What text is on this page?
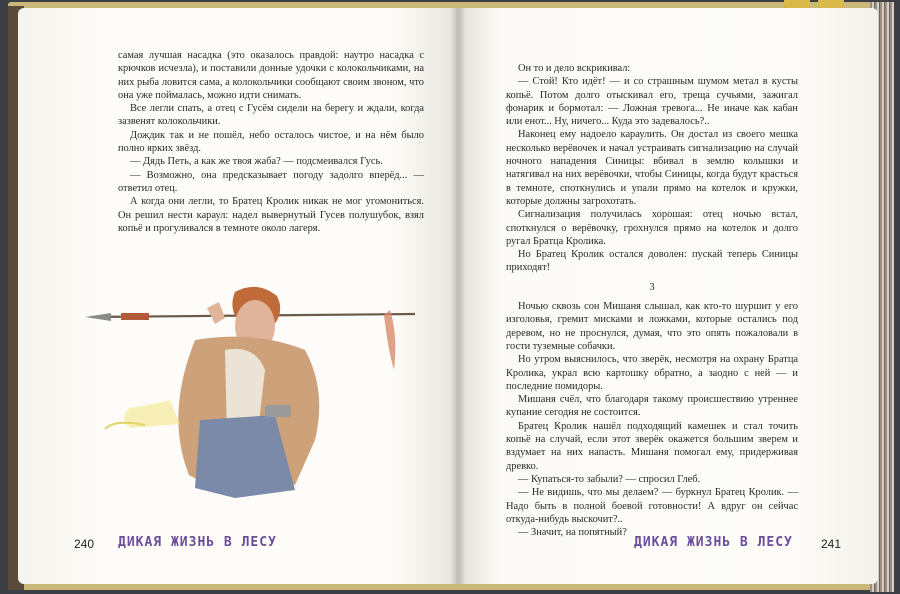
самая лучшая насадка (это оказалось правдой: наутро насадка с крючков исчезла), и поставили донные удочки с колокольчиками, на них рыба ловится сама, а колокольчики сообщают своим звоном, что она уже поймалась, можно идти снимать.

Все легли спать, а отец с Гусём сидели на берегу и ждали, когда зазвенят колокольчики.

Дождик так и не пошёл, небо осталось чистое, и на нём было полно ярких звёзд.

— Дядь Петь, а как же твоя жаба? — подсмеивался Гусь.

— Возможно, она предсказывает погоду задолго вперёд... — ответил отец.

А когда они легли, то Братец Кролик никак не мог угомониться. Он решил нести караул: надел вывернутый Гусев полушубок, взял копьё и прогуливался в темноте около лагеря.

240 ДИКАЯ ЖИЗНЬ В ЛЕСУ

Он то и дело вскрикивал:

— Стой! Кто идёт! — и со страшным шумом метал в кусты копьё. Потом долго отыскивал его, треща сучьями, зажигал фонарик и бормотал: — Ложная тревога... Не иначе как кабан или енот... Ну, ничего... Куда это задевалось?..

Наконец ему надоело караулить. Он достал из своего мешка несколько верёвочек и начал устраивать сигнализацию на случай ночного нападения Синицы: вбивал в землю колышки и натягивал на них верёвочки, чтобы Синицы, когда будут красться в темноте, споткнулись и упали прямо на котелок и кружки, которые должны загрохотать.

Сигнализация получилась хорошая: отец ночью встал, споткнулся о верёвочку, грохнулся прямо на котелок и долго ругал Братца Кролика.

Но Братец Кролик остался доволен: пускай теперь Синицы приходят!

3

Ночью сквозь сон Мишаня слышал, как кто-то шуршит у его изголовья, гремит мисками и ложками, которые остались под деревом, но не проснулся, думая, что это опять пожаловали в гости туземные собачки.

Но утром выяснилось, что зверёк, несмотря на охрану Братца Кролика, украл всю картошку обратно, а заодно с ней — и последние помидоры.

Мишаня счёл, что благодаря такому происшествию утреннее купание сегодня не состоится.

Братец Кролик нашёл подходящий камешек и стал точить копьё на случай, если этот зверёк окажется большим зверем и вздумает на них напасть. Мишаня помогал ему, придерживая древко.

— Купаться-то забыли? — спросил Глеб.

— Не видишь, что мы делаем? — буркнул Братец Кролик. — Надо быть в полной боевой готовности! А вдруг он сейчас откуда-нибудь выскочит?..

— Значит, на попятный?

ДИКАЯ ЖИЗНЬ В ЛЕСУ 241
